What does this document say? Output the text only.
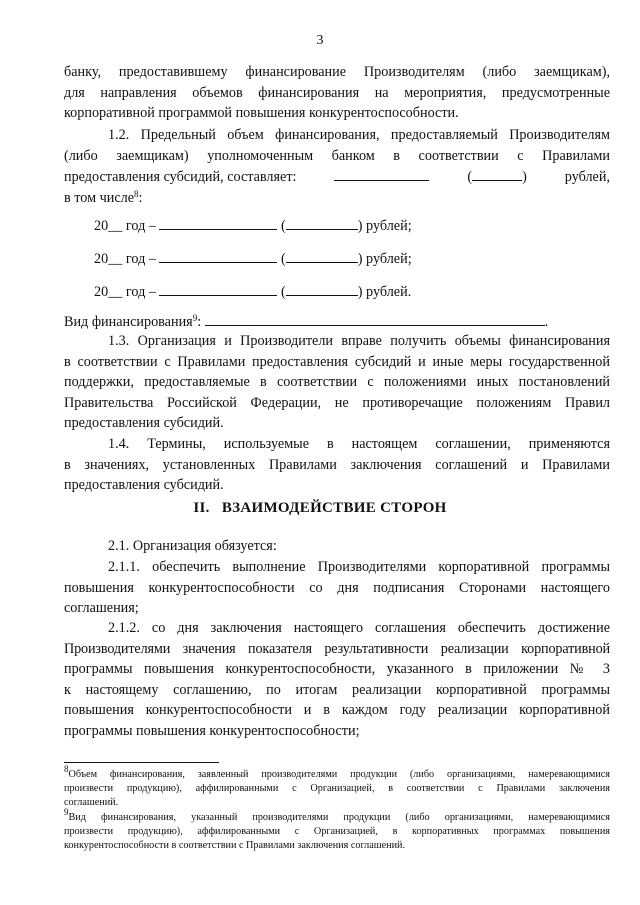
3
банку, предоставившему финансирование Производителям (либо заемщикам),
для направления объемов финансирования на мероприятия, предусмотренные
корпоративной программой повышения конкурентоспособности.
1.2. Предельный объем финансирования, предоставляемый Производителям
(либо заемщикам) уполномоченным банком в соответствии с Правилами
предоставления субсидий, составляет:	(	)	рублей,
в том числе$^8$:
20__ год –	(	) рублей;
20__ год –	(	) рублей;
20__ год –	(	) рублей.
Вид финансирования$^9$:	.
1.3. Организация и Производители вправе получить объемы финансирования
в соответствии с Правилами предоставления субсидий и иные меры государственной
поддержки, предоставляемые в соответствии с положениями иных постановлений
Правительства Российской Федерации, не противоречащие положениям Правил
предоставления субсидий.
1.4. Термины, используемые в настоящем соглашении, применяются
в значениях, установленных Правилами заключения соглашений и Правилами
предоставления субсидий.
II.   ВЗАИМОДЕЙСТВИЕ СТОРОН
2.1. Организация обязуется:
2.1.1. обеспечить выполнение Производителями корпоративной программы
повышения конкурентоспособности со дня подписания Сторонами настоящего
соглашения;
2.1.2. со дня заключения настоящего соглашения обеспечить достижение
Производителями значения показателя результативности реализации корпоративной
программы повышения конкурентоспособности, указанного в приложении № 3
к настоящему соглашению, по итогам реализации корпоративной программы
повышения конкурентоспособности и в каждом году реализации корпоративной
программы повышения конкурентоспособности;
$^8$Объем финансирования, заявленный производителями продукции (либо организациями, намеревающимися
произвести продукцию), аффилированными с Организацией, в соответствии с Правилами заключения
соглашений.
$^9$Вид финансирования, указанный производителями продукции (либо организациями, намеревающимися
произвести продукцию), аффилированными с Организацией, в корпоративных программах повышения
конкурентоспособности в соответствии с Правилами заключения соглашений.
